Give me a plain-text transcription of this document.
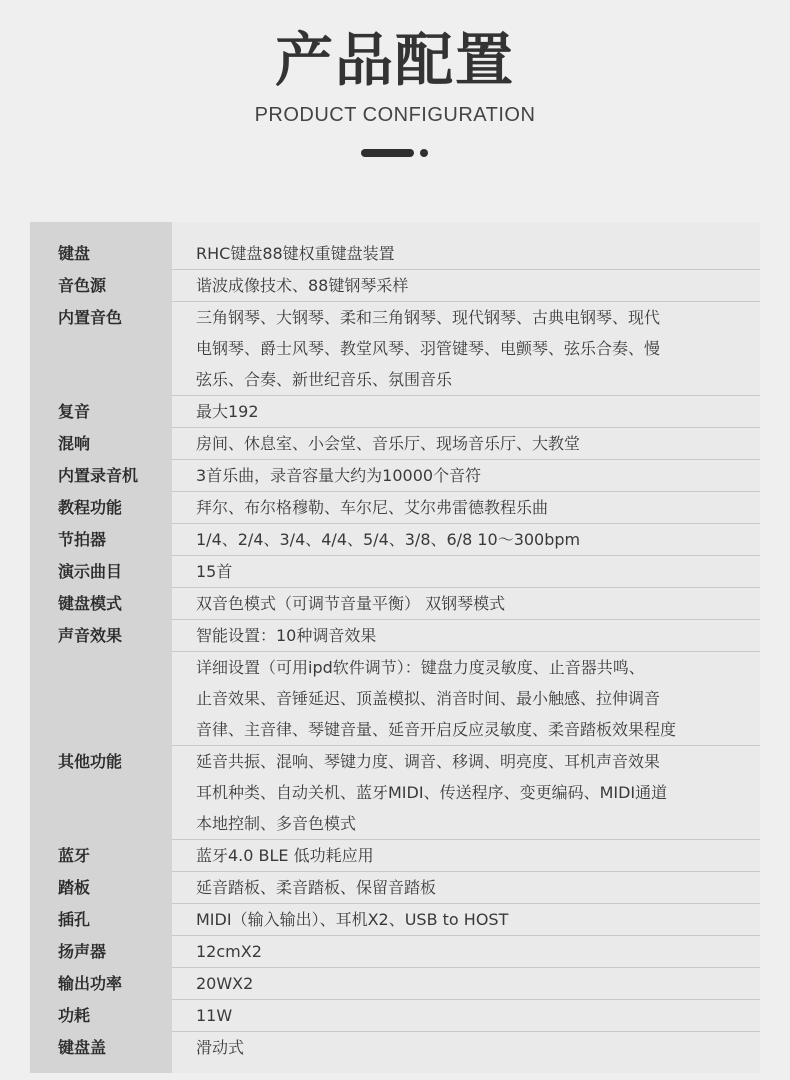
产品配置
PRODUCT CONFIGURATION
键盘	RHC键盘88键权重键盘装置

音色源	谐波成像技术、88键钢琴采样

内置音色	三角钢琴、大钢琴、柔和三角钢琴、现代钢琴、古典电钢琴、现代
电钢琴、爵士风琴、教堂风琴、羽管键琴、电颤琴、弦乐合奏、慢
弦乐、合奏、新世纪音乐、氛围音乐

复音	最大192

混响	房间、休息室、小会堂、音乐厅、现场音乐厅、大教堂

内置录音机	3首乐曲，录音容量大约为10000个音符

教程功能	拜尔、布尔格穆勒、车尔尼、艾尔弗雷德教程乐曲

节拍器	1/4、2/4、3/4、4/4、5/4、3/8、6/8 10～300bpm

演示曲目	15首

键盘模式	双音色模式（可调节音量平衡） 双钢琴模式

声音效果	智能设置：10种调音效果

	详细设置（可用ipd软件调节）：键盘力度灵敏度、止音器共鸣、
止音效果、音锤延迟、顶盖模拟、消音时间、最小触感、拉伸调音
音律、主音律、琴键音量、延音开启反应灵敏度、柔音踏板效果程度

其他功能	延音共振、混响、琴键力度、调音、移调、明亮度、耳机声音效果
耳机种类、自动关机、蓝牙MIDI、传送程序、变更编码、MIDI通道
本地控制、多音色模式

蓝牙	蓝牙4.0 BLE 低功耗应用

踏板	延音踏板、柔音踏板、保留音踏板

插孔	MIDI（输入输出）、耳机X2、USB to HOST

扬声器	12cmX2

输出功率	20WX2

功耗	11W

键盘盖	滑动式
